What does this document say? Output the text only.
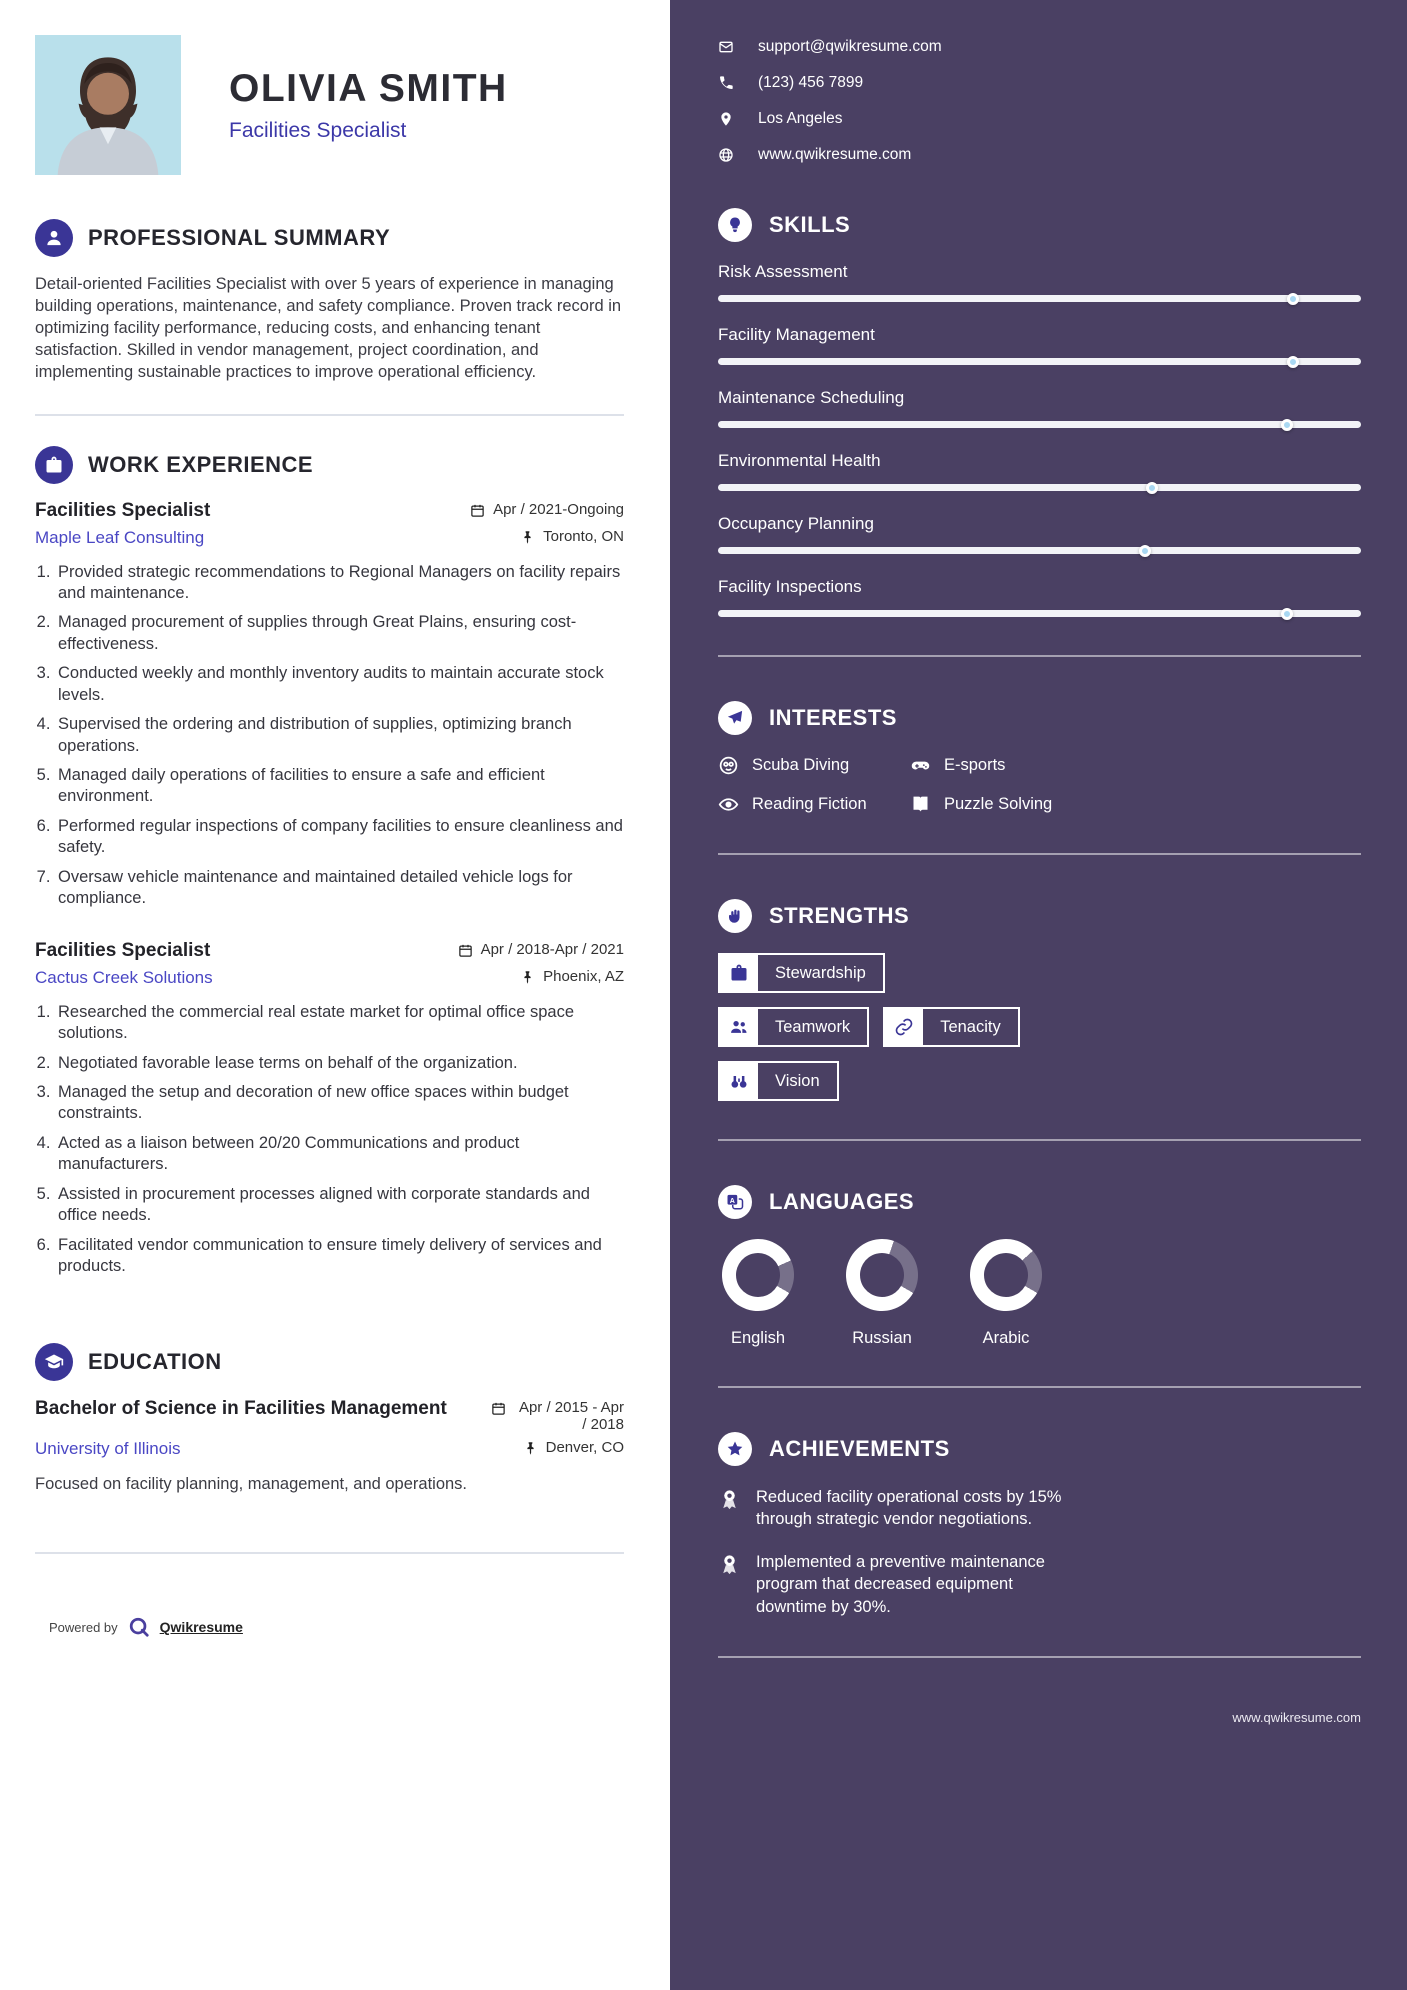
OLIVIA SMITH
Facilities Specialist
PROFESSIONAL SUMMARY

Detail-oriented Facilities Specialist with over 5 years of experience in managing building operations, maintenance, and safety compliance. Proven track record in optimizing facility performance, reducing costs, and enhancing tenant satisfaction. Skilled in vendor management, project coordination, and implementing sustainable practices to improve operational efficiency.

WORK EXPERIENCE
Facilities Specialist	Apr / 2021-Ongoing
Maple Leaf Consulting	Toronto, ON
1. Provided strategic recommendations to Regional Managers on facility repairs and maintenance.
2. Managed procurement of supplies through Great Plains, ensuring cost-effectiveness.
3. Conducted weekly and monthly inventory audits to maintain accurate stock levels.
4. Supervised the ordering and distribution of supplies, optimizing branch operations.
5. Managed daily operations of facilities to ensure a safe and efficient environment.
6. Performed regular inspections of company facilities to ensure cleanliness and safety.
7. Oversaw vehicle maintenance and maintained detailed vehicle logs for compliance.
Facilities Specialist	Apr / 2018-Apr / 2021
Cactus Creek Solutions	Phoenix, AZ
1. Researched the commercial real estate market for optimal office space solutions.
2. Negotiated favorable lease terms on behalf of the organization.
3. Managed the setup and decoration of new office spaces within budget constraints.
4. Acted as a liaison between 20/20 Communications and product manufacturers.
5. Assisted in procurement processes aligned with corporate standards and office needs.
6. Facilitated vendor communication to ensure timely delivery of services and products.
EDUCATION
Bachelor of Science in Facilities Management	Apr / 2015 - Apr / 2018
University of Illinois	Denver, CO

Focused on facility planning, management, and operations.

Powered by	Qwikresume
support@qwikresume.com
(123) 456 7899
Los Angeles
www.qwikresume.com
SKILLS
Risk Assessment
Facility Management
Maintenance Scheduling
Environmental Health
Occupancy Planning
Facility Inspections
INTERESTS
Scuba Diving	E-sports
Reading Fiction	Puzzle Solving
STRENGTHS
Stewardship
Teamwork	Tenacity
Vision
A LANGUAGES
English	Russian	Arabic
ACHIEVEMENTS
Reduced facility operational costs by 15% through strategic vendor negotiations.
Implemented a preventive maintenance program that decreased equipment downtime by 30%.
www.qwikresume.com
